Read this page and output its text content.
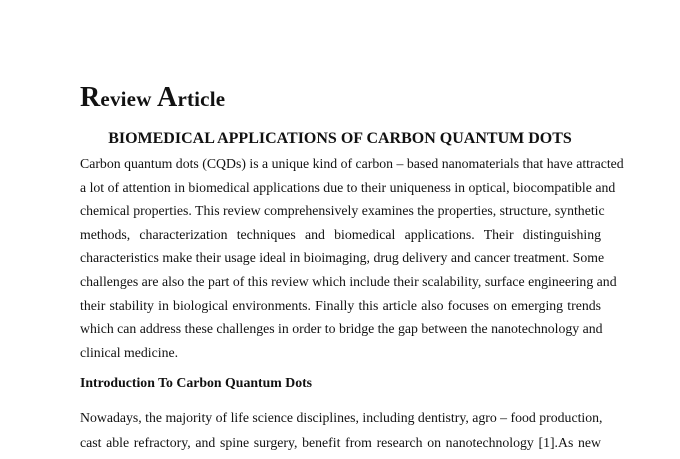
Review Article
BIOMEDICAL APPLICATIONS OF CARBON QUANTUM DOTS

Carbon quantum dots (CQDs) is a unique kind of carbon – based nanomaterials that have attracted
a lot of attention in biomedical applications due to their uniqueness in optical, biocompatible and
chemical properties. This review comprehensively examines the properties, structure, synthetic
methods, characterization techniques and biomedical applications. Their distinguishing
characteristics make their usage ideal in bioimaging, drug delivery and cancer treatment. Some
challenges are also the part of this review which include their scalability, surface engineering and
their stability in biological environments. Finally this article also focuses on emerging trends
which can address these challenges in order to bridge the gap between the nanotechnology and
clinical medicine.

Introduction To Carbon Quantum Dots

Nowadays, the majority of life science disciplines, including dentistry, agro – food production,
cast able refractory, and spine surgery, benefit from research on nanotechnology [1].As new
